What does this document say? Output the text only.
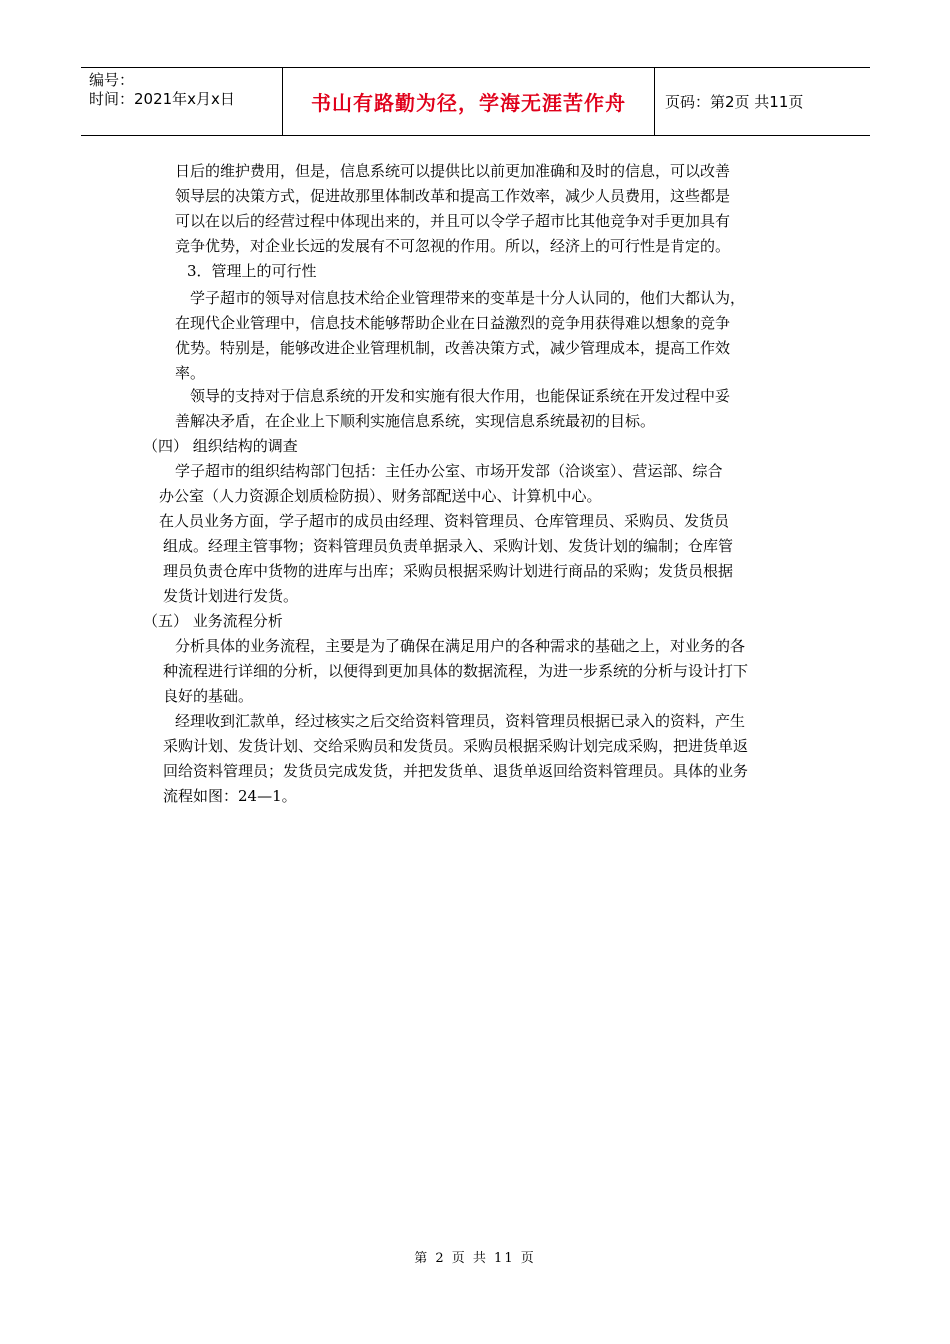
编号：
时间：2021年x月x日	书山有路勤为径，学海无涯苦作舟	页码：第2页 共11页
日后的维护费用，但是，信息系统可以提供比以前更加准确和及时的信息，可以改善
领导层的决策方式，促进故那里体制改革和提高工作效率，减少人员费用，这些都是
可以在以后的经营过程中体现出来的，并且可以令学子超市比其他竞争对手更加具有
竞争优势，对企业长远的发展有不可忽视的作用。所以，经济上的可行性是肯定的。
3．管理上的可行性
学子超市的领导对信息技术给企业管理带来的变革是十分人认同的，他们大都认为，
在现代企业管理中，信息技术能够帮助企业在日益激烈的竞争用获得难以想象的竞争
优势。特别是，能够改进企业管理机制，改善决策方式，减少管理成本，提高工作效
率。
领导的支持对于信息系统的开发和实施有很大作用，也能保证系统在开发过程中妥
善解决矛盾，在企业上下顺利实施信息系统，实现信息系统最初的目标。
（四） 组织结构的调查
学子超市的组织结构部门包括：主任办公室、市场开发部（洽谈室）、营运部、综合
办公室（人力资源企划质检防损）、财务部配送中心、计算机中心。
在人员业务方面，学子超市的成员由经理、资料管理员、仓库管理员、采购员、发货员
组成。经理主管事物；资料管理员负责单据录入、采购计划、发货计划的编制；仓库管
理员负责仓库中货物的进库与出库；采购员根据采购计划进行商品的采购；发货员根据
发货计划进行发货。
（五） 业务流程分析
分析具体的业务流程，主要是为了确保在满足用户的各种需求的基础之上，对业务的各
种流程进行详细的分析，以便得到更加具体的数据流程，为进一步系统的分析与设计打下
良好的基础。
经理收到汇款单，经过核实之后交给资料管理员，资料管理员根据已录入的资料，产生
采购计划、发货计划、交给采购员和发货员。采购员根据采购计划完成采购，把进货单返
回给资料管理员；发货员完成发货，并把发货单、退货单返回给资料管理员。具体的业务
流程如图：24—1。
第 2 页 共 11 页
